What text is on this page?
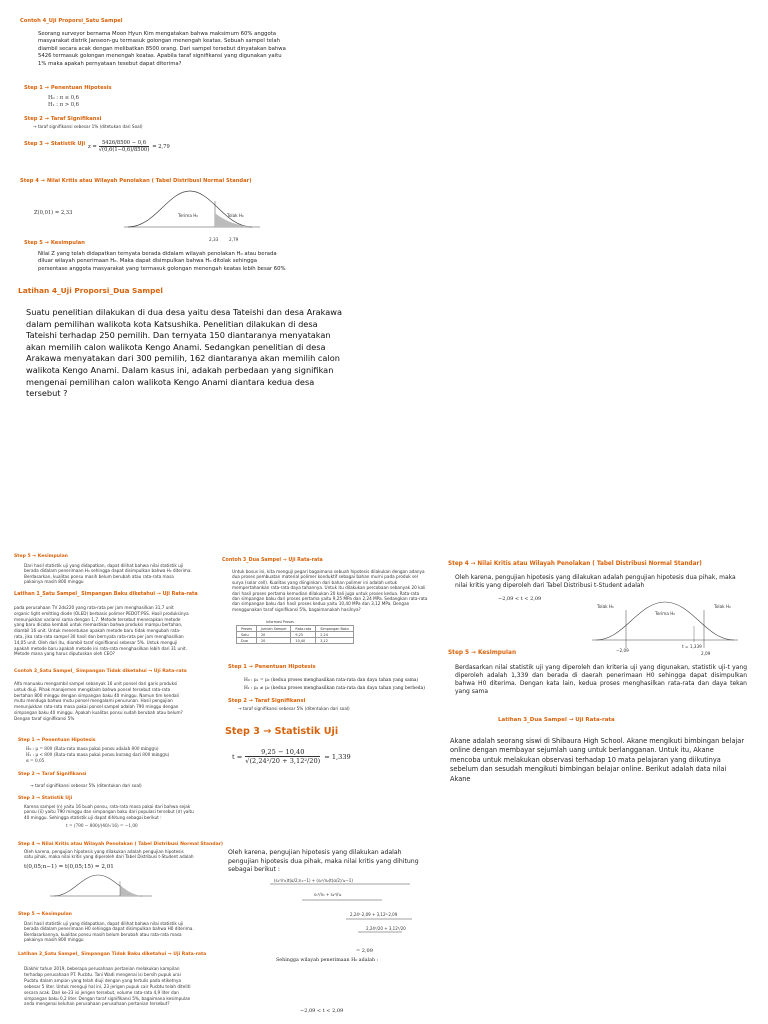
Contoh 4_Uji Proporsi_Satu Sampel
Seorang surveyor bernama Moon Hyun Kim mengatakan bahwa maksimum 60% anggota masyarakat distrik Janseon-gu termasuk golongan menengah keatas. Sebuah sampel telah diambil secara acak dengan melibatkan 8500 orang. Dari sampel tersebut dinyatakan bahwa 5426 termasuk golongan menengah keatas. Apabila taraf signifikansi yang digunakan yaitu 1% maka apakah pernyataan tesebut dapat diterima?
Step 1 → Penentuan Hipotesis
H₀ : π ≤ 0,6
H₁ : π > 0,6
Step 2 → Taraf Signifikansi
→ taraf signifikansi sebesar 1% (ditetukan dari Soal)
Step 3 → Statistik Uji $z = \frac{5426/8500 - 0,6}{√(0,6(1-0,6)/8500)} = 2,79$
Step 4 → Nilai Kritis atau Wilayah Penolakan ( Tabel Distribusi Normal Standar)
Z(0,01) = 2,33	Terima H₀	Tolak H₀
2,33	2,79
Step 5 → Kesimpulan
Nilai Z yang telah didapatkan ternyata berada didalam wilayah penolakan H₀ atau berada diluar wilayah penerimaan H₀. Maka dapat disimpulkan bahwa H₀ ditolak sehingga persentase anggota masyarakat yang termasuk golongan menengah keatas lebih besar 60%
Latihan 4_Uji Proporsi_Dua Sampel
Suatu penelitian dilakukan di dua desa yaitu desa Tateishi dan desa Arakawa dalam pemilihan walikota kota Katsushika. Penelitian dilakukan di desa Tateishi terhadap 250 pemilih. Dan ternyata 150 diantaranya menyatakan akan memilih calon walikota Kengo Anami. Sedangkan penelitian di desa Arakawa menyatakan dari 300 pemilih, 162 diantaranya akan memilih calon walikota Kengo Anami. Dalam kasus ini, adakah perbedaan yang signifikan mengenai pemilihan calon walikota Kengo Anami diantara kedua desa tersebut ?
Step 5 → Kesimpulan
Dari hasil statistik uji yang didapatkan, dapat dilihat bahwa nilai statistik uji berada didalam penerimaan H₀ sehingga dapat disimpulkan bahwa H₀ diterima. Berdasarkan, kualitas ponsu masih belum berubah atau rata-rata masa pakainya masih 800 minggu
Latihan 1_Satu Sampel_ Simpangan Baku diketahui → Uji Rata-rata
pada perusahaan TV 2ds220 yang rata-rata per jam menghasilkan 31,7 unit organic light emitting diode (OLED) berbasis polimer PEDOT:PSS. Hasil produksinya menunjukkan variansi sama dengan 1,7. Metode tersebut menerapkan metode yang baru dicoba kembali untuk memastikan bahwa produksi mampu bertahan, diambil 16 unit. Untuk menentukan apakah metode baru tidak mengubah rata-rata, jika rata-rata sampel 30 hasil dan bernyata rata-rata per jam menghasilkan 14,05 unit. Oleh dari itu, diambil taraf signifikansi sebesar 5%. Untuk menguji apakah metode baru apakah metode ini rata-rata menghasilkan lebih dari 31 unit. Metode mana yang harus diputuskan oleh CEO?
Contoh 2_Satu Sampel_ Simpangan Tidak diketahui → Uji Rata-rata
Alfa manuaku mengambil sampel sebanyak 16 unit ponsel dari garis produksi untuk diuji. Pihak manajemen mengklaim bahwa ponsel tersebut rata-rata bertahan 800 minggu dengan simpangan baku 40 minggu. Namun tim kendali mutu menduga bahwa mutu ponsel mengalami penurunan. Hasil pengujian menunjukkan rata-rata masa pakai ponsel sampel adalah 790 minggu dengan simpangan baku 40 minggu. Apakah kualitas ponsu sudah berubah atau belum? Dengan taraf signifikansi 5%
Step 1 → Penentuan Hipotesis
H₀ : μ = 800 (Rata-rata masa pakai ponsu adalah 800 minggu)
H₁ : μ < 800 (Rata-rata masa pakai ponsu kurang dari 800 minggu)
α = 0,05
Step 2 → Taraf Signifikansi
→ taraf signifikansi sebesar 5% (ditentukan dari soal)
Step 3 → Statistik Uji
Karena sampel (n) yaitu 16 buah ponsu, rata-rata masa pakai dari bahwa sejak ponsu (x̄) yaitu 790 minggu dan simpangan baku dari populasi tersebut (σ) yaitu 40 minggu. Sehingga statistik uji dapat dihitung sebagai berikut :
t = (790 − 800)/(40/√16) = −1,00
Step 4 → Nilai Kritis atau Wilayah Penolakan ( Tabel Distribusi Normal Standar)
Oleh karena, pengujian hipotesis yang dilakukan adalah pengujian hipotesis satu pihak, maka nilai kritis yang diperoleh dari Tabel Distribusi t-Student adalah
t(0,05;n−1) = t(0,05;15) = 2,01
Step 5 → Kesimpulan
Dari hasil statistik uji yang didapatkan, dapat dilihat bahwa nilai statistik uji berada didalam penerimaan H0 sehingga dapat disimpulkan bahwa H0 diterima. Berdasarkannya, kualitas ponsu masih belum berubah atau rata-rata masa pakainya masih 800 minggu
Latihan 2_Satu Sampel_ Simpangan Tidak Baku diketahui → Uji Rata-rata
Diakhir tahun 2019, beberapa perusahaan pertanian melakukan kampilan terhadap perusahaan PT. Pucbtu. Tani Wadi mengenai isi bersih pupuk urai Pucbtu dalam ampian yang telah diuji dengan yang tertulis pada etiketnya sebesar 5 liter. Untuk menguji hal ini, 23 jerigen pupuk cair Pucbtu telah diteliti secara acak. Dari ke-23 isi jerigen tersebut, volume rata-rata 4,9 liter dan simpangan baku 0,2 liter. Dengan taraf signifikansi 5%, bagaimana kesimpulan anda mengenai keluhan perusahaan perusahaan pertanian tersebut?
Contoh 3_Dua Sampel → Uji Rata-rata
Untuk bosus ini, kita menguji pegari bagaimana sebuah hipotesis dilakukan dengan adanya dua proses pembuatan material polimer konduktif sebagai bahan murni pada produk sel surya (solar cell). Kualitas yang diinginkan dari bahan polimer ini adalah untuk mempertahankan rata-rata daya tahannya. Untuk itu dilakukan percobaan sebanyak 20 kali dari hasil proses pertama kemudian dilakukan 20 kali juga untuk proses kedua. Rata-rata dan simpangan baku dari proses pertama yaitu 9,25 MPa dan 2,24 MPa. Sedangkan rata-rata dan simpangan baku dari hasil proses kedua yaitu 10,40 MPa dan 3,12 MPa. Dengan menggunakan taraf signifikansi 5%, bagaimanakah hasilnya?
Informasi Proses
Proses	Jumlah Sampel	Rata-rata	Simpangan Baku
Satu	20	9,25	2,24
Dua	20	10,40	3,12
Step 1 → Penentuan Hipotesis
H₀ : μ₁ = μ₂ (kedua proses menghasilkan rata-rata dan daya tahan yang sama)
H₁ : μ₁ ≠ μ₂ (kedua proses menghasilkan rata-rata dan daya tahan yang berbeda)
Step 2 → Taraf Signifikansi
→ taraf signifikansi sebesar 5% (ditentukan dari soal)
Step 3 → Statistik Uji
$t = \frac{9,25 - 10,40}{\text{√(2,24²/20 + 3,12²/20)}} = 1,339$
Oleh karena, pengujian hipotesis yang dilakukan adalah pengujian hipotesis dua pihak, maka nilai kritis yang dihitung sebagai berikut :
(s₁²/n₁)t(α/2;n₁−1) + (s₂²/n₂)t(α/2;n₂−1)
s₁²/n₁ + s₂²/n₂
2,24²·2,09 + 3,12²·2,09
2,24²/20 + 3,12²/20
= 2,09
Sehingga wilayah penerimaan H₀ adalah :
−2,09 < t < 2,09
Step 4 → Nilai Kritis atau Wilayah Penolakan ( Tabel Distribusi Normal Standar)
Oleh karena, pengujian hipotesis yang dilakukan adalah pengujian hipotesis dua pihak, maka nilai kritis yang diperoleh dari Tabel Distribusi t-Student adalah
−2,09 < t < 2,09
Tolak H₀
Terima H₀
Tolak H₀
−2,09
t = 1,339
2,09
Step 5 → Kesimpulan
Berdasarkan nilai statistik uji yang diperoleh dan kriteria uji yang digunakan, statistik uji-t yang diperoleh adalah 1,339 dan berada di daerah penerimaan H0 sehingga dapat disimpulkan bahwa H0 diterima. Dengan kata lain, kedua proses menghasilkan rata-rata dan daya tekan yang sama
Latihan 3_Dua Sampel → Uji Rata-rata
Akane adalah seorang siswi di Shibaura High School. Akane mengikuti bimbingan belajar online dengan membayar sejumlah uang untuk berlangganan. Untuk itu, Akane mencoba untuk melakukan observasi terhadap 10 mata pelajaran yang diikutinya sebelum dan sesudah mengikuti bimbingan belajar online. Berikut adalah data nilai Akane
